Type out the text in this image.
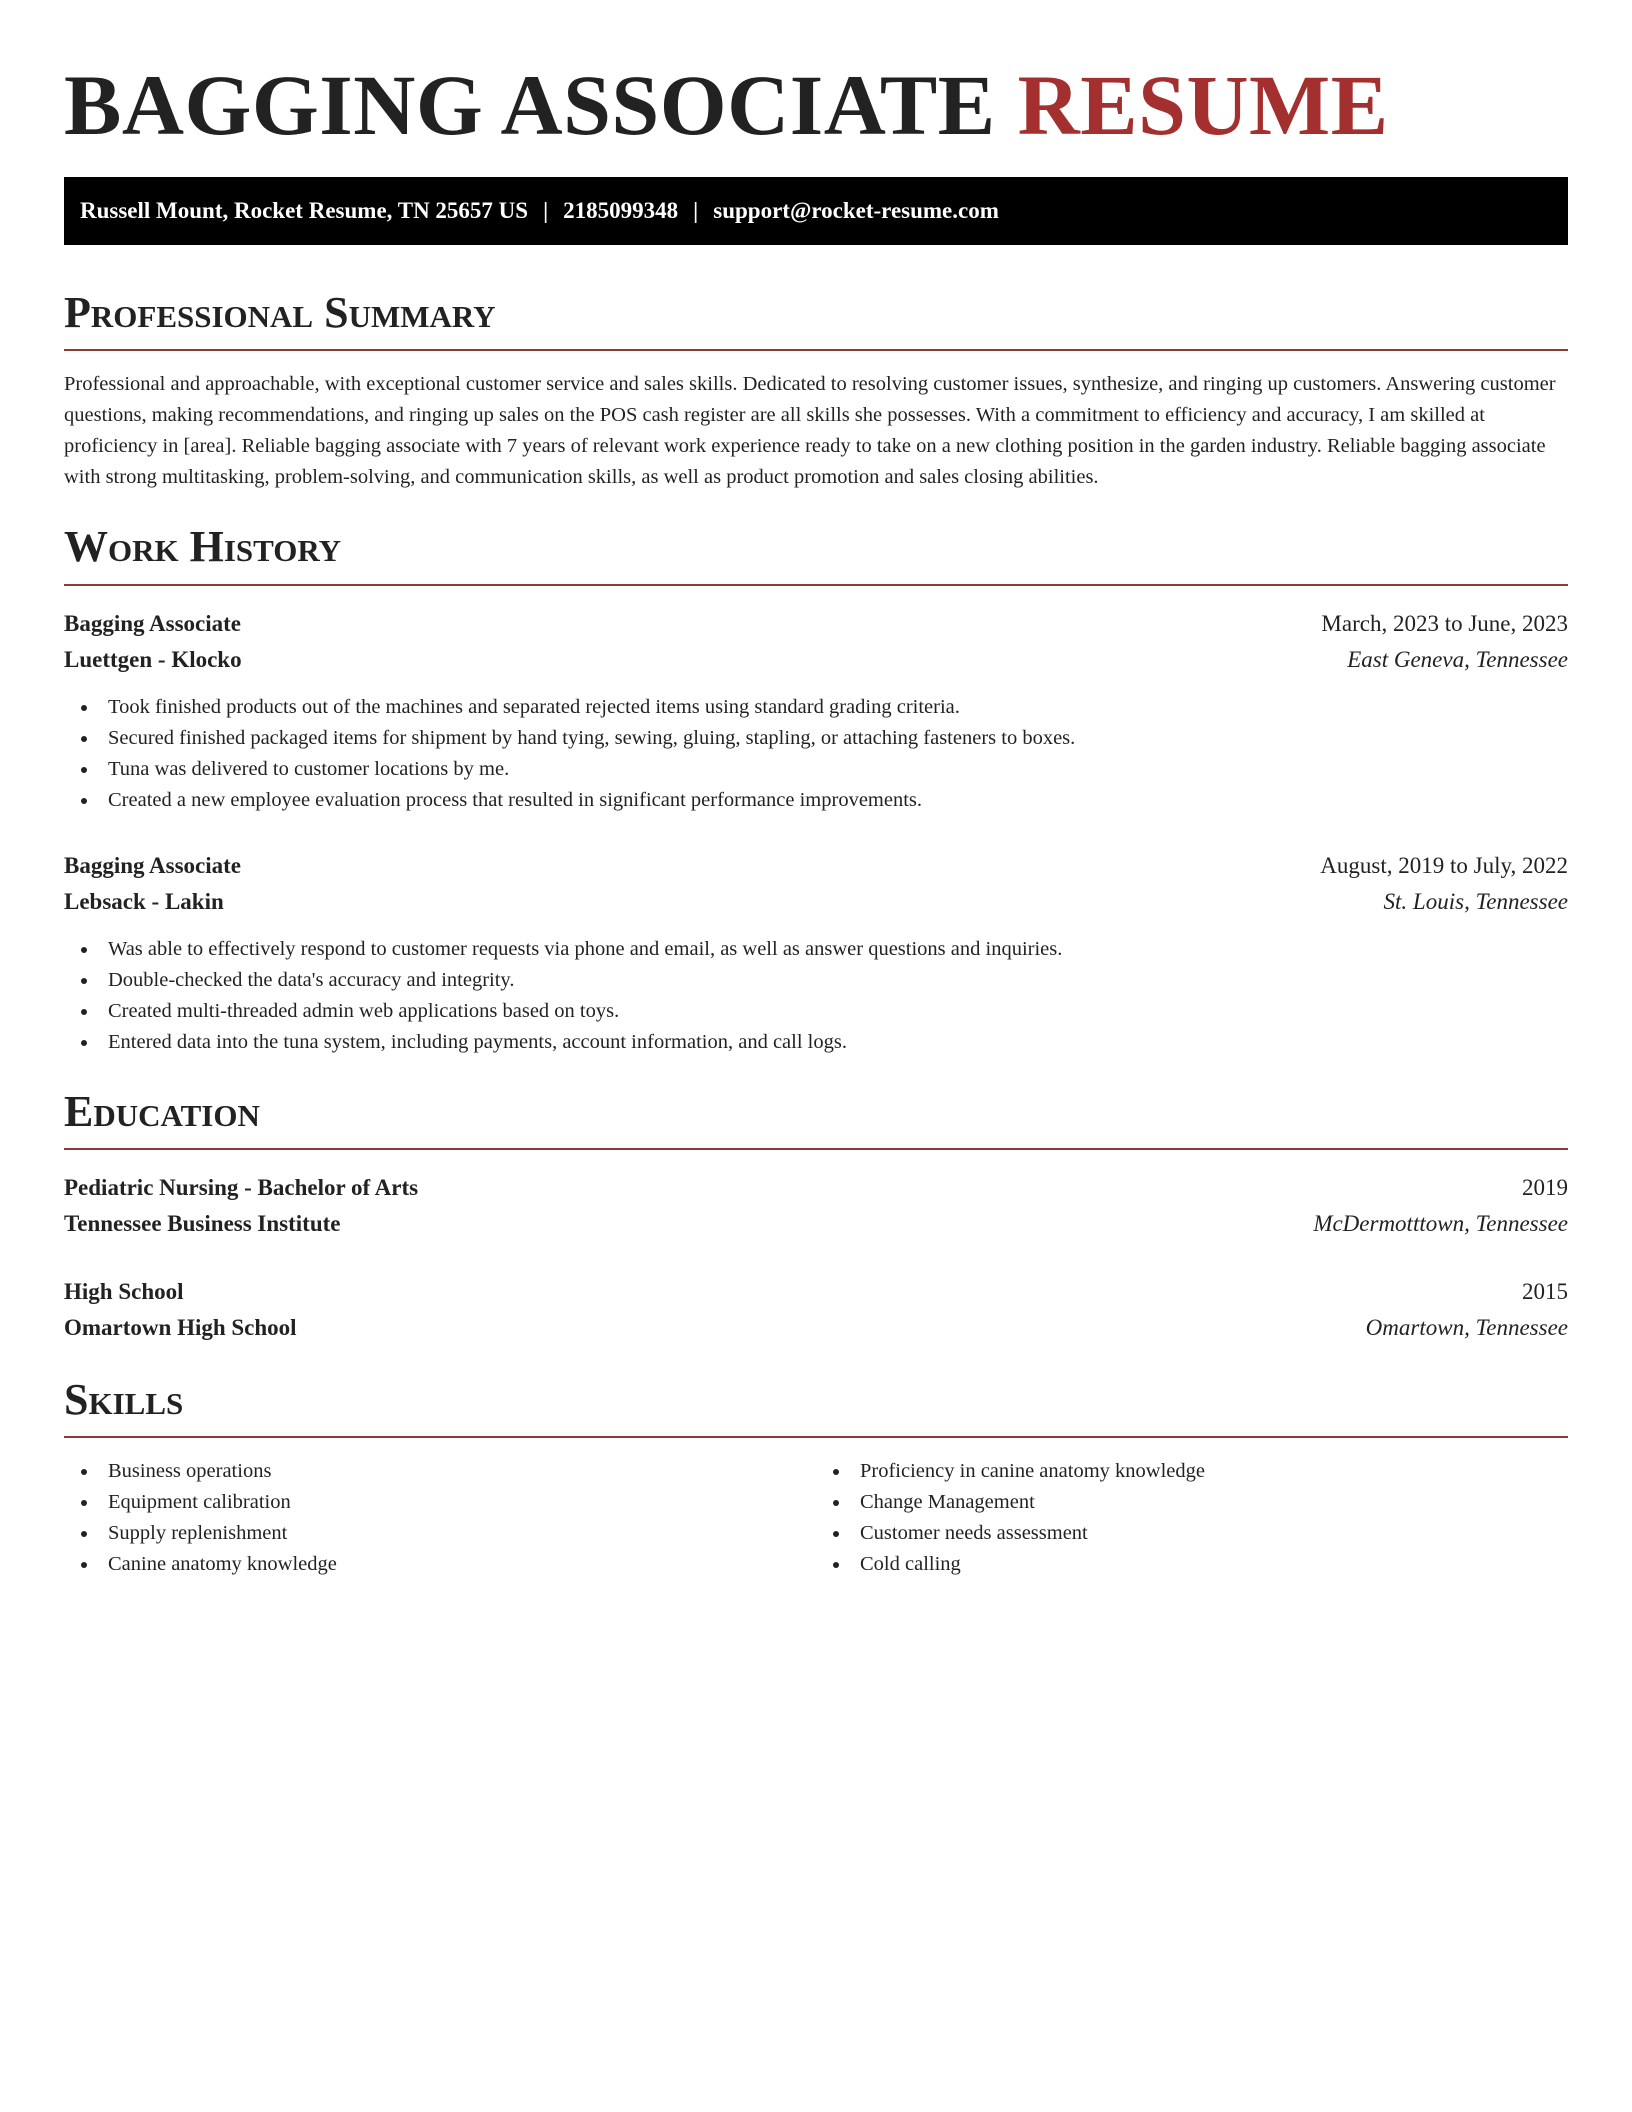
BAGGING ASSOCIATE RESUME
Russell Mount, Rocket Resume, TN 25657 US | 2185099348 | support@rocket-resume.com
Professional Summary

Professional and approachable, with exceptional customer service and sales skills. Dedicated to resolving customer issues, synthesize, and ringing up customers. Answering customer questions, making recommendations, and ringing up sales on the POS cash register are all skills she possesses. With a commitment to efficiency and accuracy, I am skilled at proficiency in [area]. Reliable bagging associate with 7 years of relevant work experience ready to take on a new clothing position in the garden industry. Reliable bagging associate with strong multitasking, problem-solving, and communication skills, as well as product promotion and sales closing abilities.

Work History
Bagging Associate	March, 2023 to June, 2023
Luettgen - Klocko	East Geneva, Tennessee
Took finished products out of the machines and separated rejected items using standard grading criteria.
Secured finished packaged items for shipment by hand tying, sewing, gluing, stapling, or attaching fasteners to boxes.
Tuna was delivered to customer locations by me.
Created a new employee evaluation process that resulted in significant performance improvements.
Bagging Associate	August, 2019 to July, 2022
Lebsack - Lakin	St. Louis, Tennessee
Was able to effectively respond to customer requests via phone and email, as well as answer questions and inquiries.
Double-checked the data's accuracy and integrity.
Created multi-threaded admin web applications based on toys.
Entered data into the tuna system, including payments, account information, and call logs.
Education
Pediatric Nursing - Bachelor of Arts	2019
Tennessee Business Institute	McDermotttown, Tennessee
High School	2015
Omartown High School	Omartown, Tennessee
Skills
Business operations
Equipment calibration
Supply replenishment
Canine anatomy knowledge
Proficiency in canine anatomy knowledge
Change Management
Customer needs assessment
Cold calling
